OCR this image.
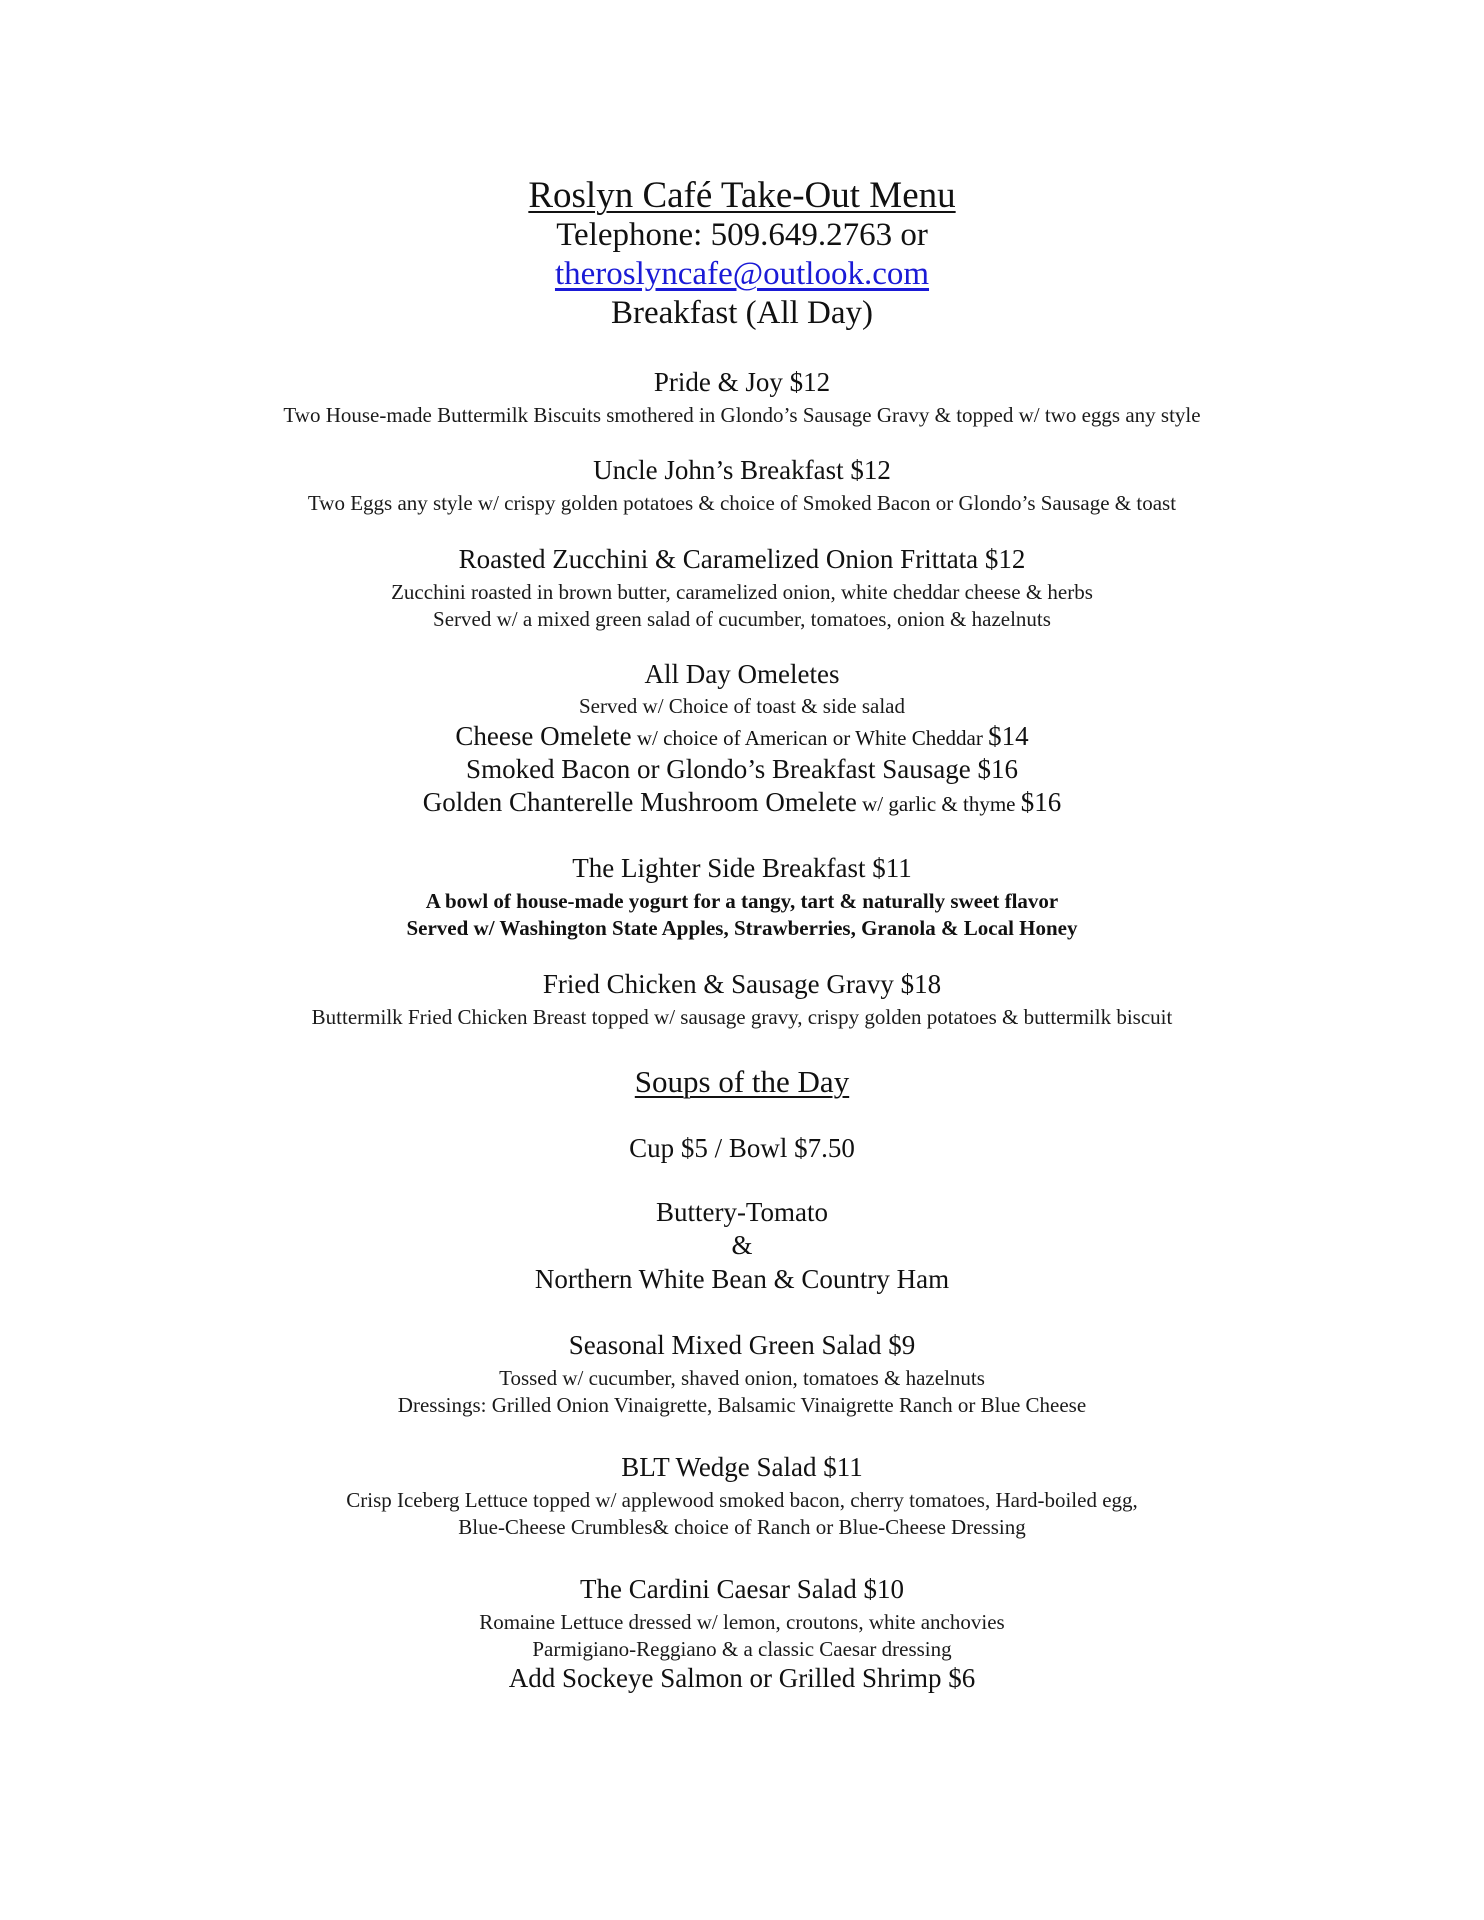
Roslyn Café Take-Out Menu
Telephone: 509.649.2763 or
theroslyncafe@outlook.com
Breakfast (All Day)
Pride & Joy $12
Two House-made Buttermilk Biscuits smothered in Glondo’s Sausage Gravy & topped w/ two eggs any style
Uncle John’s Breakfast $12
Two Eggs any style w/ crispy golden potatoes & choice of Smoked Bacon or Glondo’s Sausage & toast
Roasted Zucchini & Caramelized Onion Frittata $12
Zucchini roasted in brown butter, caramelized onion, white cheddar cheese & herbs
Served w/ a mixed green salad of cucumber, tomatoes, onion & hazelnuts
All Day Omeletes
Served w/ Choice of toast & side salad
Cheese Omelete w/ choice of American or White Cheddar $14
Smoked Bacon or Glondo’s Breakfast Sausage $16
Golden Chanterelle Mushroom Omelete w/ garlic & thyme $16
The Lighter Side Breakfast $11
A bowl of house-made yogurt for a tangy, tart & naturally sweet flavor
Served w/ Washington State Apples, Strawberries, Granola & Local Honey
Fried Chicken & Sausage Gravy $18
Buttermilk Fried Chicken Breast topped w/ sausage gravy, crispy golden potatoes & buttermilk biscuit
Soups of the Day
Cup $5 / Bowl $7.50
Buttery-Tomato
&
Northern White Bean & Country Ham
Seasonal Mixed Green Salad $9
Tossed w/ cucumber, shaved onion, tomatoes & hazelnuts
Dressings: Grilled Onion Vinaigrette, Balsamic Vinaigrette Ranch or Blue Cheese
BLT Wedge Salad $11
Crisp Iceberg Lettuce topped w/ applewood smoked bacon, cherry tomatoes, Hard-boiled egg,
Blue-Cheese Crumbles& choice of Ranch or Blue-Cheese Dressing
The Cardini Caesar Salad $10
Romaine Lettuce dressed w/ lemon, croutons, white anchovies
Parmigiano-Reggiano & a classic Caesar dressing
Add Sockeye Salmon or Grilled Shrimp $6
